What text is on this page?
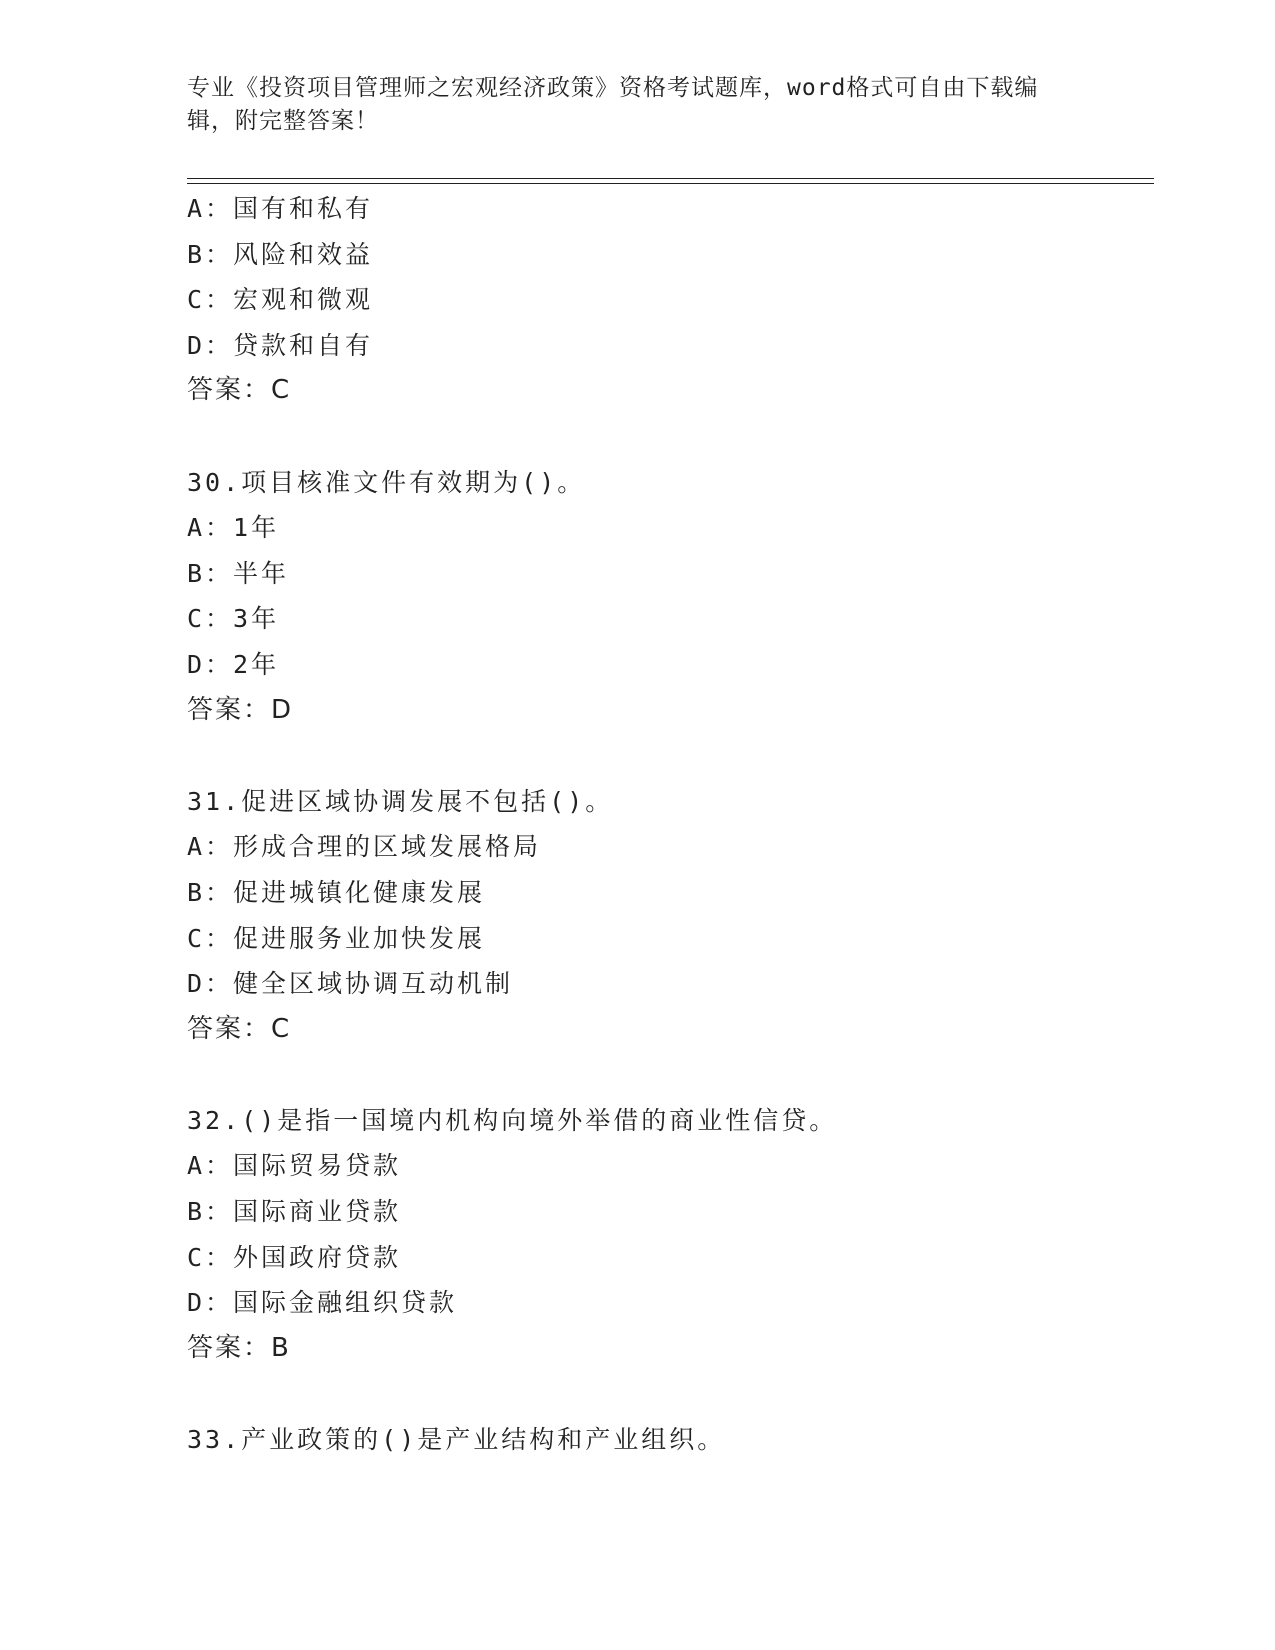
专业《投资项目管理师之宏观经济政策》资格考试题库，word格式可自由下载编
辑，附完整答案！
A：国有和私有
B：风险和效益
C：宏观和微观
D：贷款和自有
答案：C
30.项目核准文件有效期为()。
A：1年
B：半年
C：3年
D：2年
答案：D
31.促进区域协调发展不包括()。
A：形成合理的区域发展格局
B：促进城镇化健康发展
C：促进服务业加快发展
D：健全区域协调互动机制
答案：C
32.()是指一国境内机构向境外举借的商业性信贷。
A：国际贸易贷款
B：国际商业贷款
C：外国政府贷款
D：国际金融组织贷款
答案：B
33.产业政策的()是产业结构和产业组织。
